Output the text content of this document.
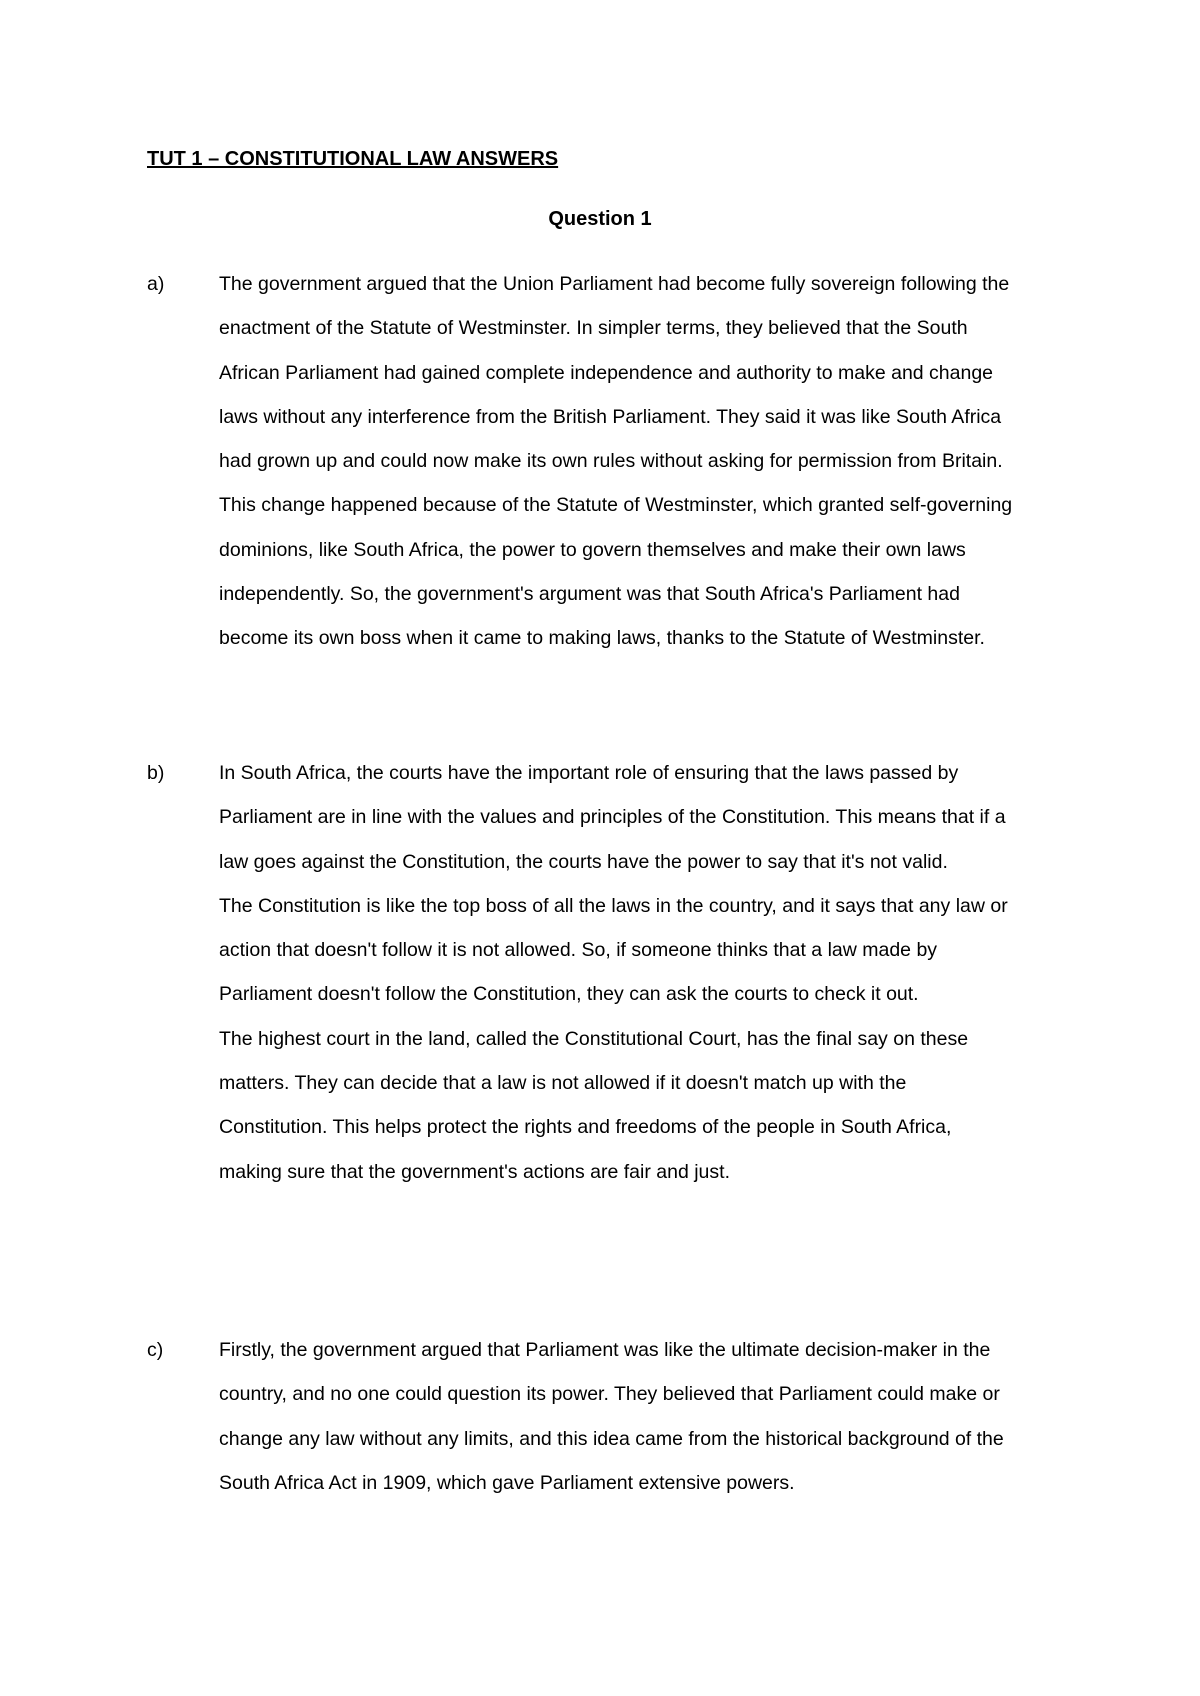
TUT 1 – CONSTITUTIONAL LAW ANSWERS
Question 1
a)	The government argued that the Union Parliament had become fully sovereign following the enactment of the Statute of Westminster. In simpler terms, they believed that the South African Parliament had gained complete independence and authority to make and change laws without any interference from the British Parliament. They said it was like South Africa had grown up and could now make its own rules without asking for permission from Britain. This change happened because of the Statute of Westminster, which granted self-governing dominions, like South Africa, the power to govern themselves and make their own laws independently. So, the government's argument was that South Africa's Parliament had become its own boss when it came to making laws, thanks to the Statute of Westminster.

b)	In South Africa, the courts have the important role of ensuring that the laws passed by Parliament are in line with the values and principles of the Constitution. This means that if a law goes against the Constitution, the courts have the power to say that it's not valid.

The Constitution is like the top boss of all the laws in the country, and it says that any law or action that doesn't follow it is not allowed. So, if someone thinks that a law made by Parliament doesn't follow the Constitution, they can ask the courts to check it out.

The highest court in the land, called the Constitutional Court, has the final say on these matters. They can decide that a law is not allowed if it doesn't match up with the Constitution. This helps protect the rights and freedoms of the people in South Africa, making sure that the government's actions are fair and just.

c)	Firstly, the government argued that Parliament was like the ultimate decision-maker in the country, and no one could question its power. They believed that Parliament could make or change any law without any limits, and this idea came from the historical background of the South Africa Act in 1909, which gave Parliament extensive powers.
